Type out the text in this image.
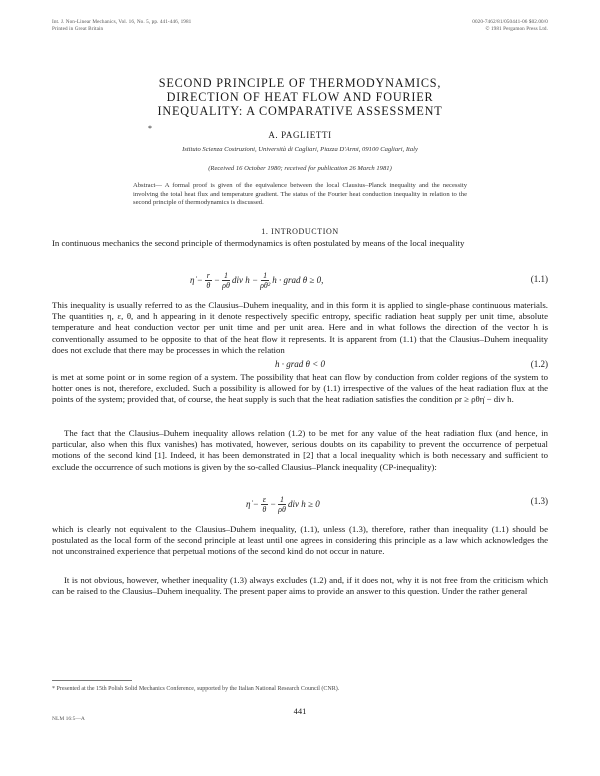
Int. J. Non-Linear Mechanics, Vol. 16, No. 5, pp. 441-446, 1981
Printed in Great Britain
0020-7462/81/050441-06 $02.00/0
© 1981 Pergamon Press Ltd.
SECOND PRINCIPLE OF THERMODYNAMICS,
DIRECTION OF HEAT FLOW AND FOURIER
INEQUALITY: A COMPARATIVE ASSESSMENT
*
A. PAGLIETTI
Istituto Scienza Costruzioni, Università di Cagliari, Piazza D'Armi, 09100 Cagliari, Italy
(Received 16 October 1980; received for publication 26 March 1981)
Abstract— A formal proof is given of the equivalence between the local Clausius–Planck inequality and the necessity involving the total heat flux and temperature gradient. The status of the Fourier heat conduction inequality in relation to the second principle of thermodynamics is discussed.
1. INTRODUCTION
In continuous mechanics the second principle of thermodynamics is often postulated by means of the local inequality
η̇ − $\frac{r}{\theta} - \frac{1}{\rho\theta}$ div $h - \frac{1}{\text{ρθ²}}$ h · grad θ ≥ 0,	(1.1)
This inequality is usually referred to as the Clausius–Duhem inequality, and in this form it is applied to single-phase continuous materials. The quantities η, ε, θ, and h appearing in it denote respectively specific entropy, specific radiation heat supply per unit time, absolute temperature and heat conduction vector per unit time and per unit area. Here and in what follows the direction of the vector h is conventionally assumed to be opposite to that of the heat flow it represents. It is apparent from (1.1) that the Clausius–Duhem inequality does not exclude that there may be processes in which the relation
h · grad θ < 0	(1.2)
is met at some point or in some region of a system. The possibility that heat can flow by conduction from colder regions of the system to hotter ones is not, therefore, excluded. Such a possibility is allowed for by (1.1) irrespective of the values of the heat radiation flux at the points of the system; provided that, of course, the heat supply is such that the heat radiation satisfies the condition ρr ≥ ρθη̇ − div h.
The fact that the Clausius–Duhem inequality allows relation (1.2) to be met for any value of the heat radiation flux (and hence, in particular, also when this flux vanishes) has motivated, however, serious doubts on its capability to prevent the occurrence of perpetual motions of the second kind [1]. Indeed, it has been demonstrated in [2] that a local inequality which is both necessary and sufficient to exclude the occurrence of such motions is given by the so-called Clausius–Planck inequality (CP-inequality):
η̇ − $\frac{\varepsilon}{\theta} - \frac{1}{\rho\theta}$ div h ≥ 0	(1.3)
which is clearly not equivalent to the Clausius–Duhem inequality, (1.1), unless (1.3), therefore, rather than inequality (1.1) should be postulated as the local form of the second principle at least until one agrees in considering this principle as a law which acknowledges the not unconstrained experience that perpetual motions of the second kind do not occur in nature.
It is not obvious, however, whether inequality (1.3) always excludes (1.2) and, if it does not, why it is not free from the criticism which can be raised to the Clausius–Duhem inequality. The present paper aims to provide an answer to this question. Under the rather general
* Presented at the 15th Polish Solid Mechanics Conference, supported by the Italian National Research Council (CNR).
NLM 16:5—A
441
